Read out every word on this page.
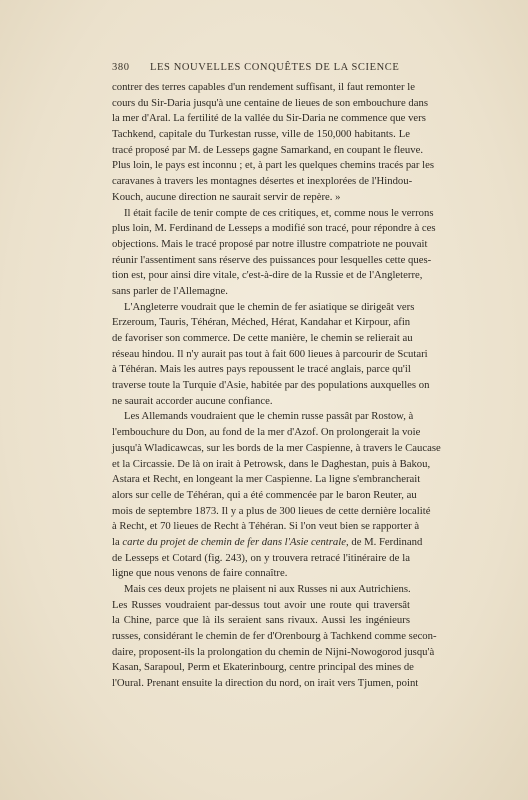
380 LES NOUVELLES CONQUÊTES DE LA SCIENCE
contrer des terres capables d'un rendement suffisant, il faut remonter le
cours du Sir-Daria jusqu'à une centaine de lieues de son embouchure dans
la mer d'Aral. La fertilité de la vallée du Sir-Daria ne commence que vers
Tachkend, capitale du Turkestan russe, ville de 150,000 habitants. Le
tracé proposé par M. de Lesseps gagne Samarkand, en coupant le fleuve.
Plus loin, le pays est inconnu ; et, à part les quelques chemins tracés par les
caravanes à travers les montagnes désertes et inexplorées de l'Hindou-
Kouch, aucune direction ne saurait servir de repère. »
Il était facile de tenir compte de ces critiques, et, comme nous le verrons
plus loin, M. Ferdinand de Lesseps a modifié son tracé, pour répondre à ces
objections. Mais le tracé proposé par notre illustre compatriote ne pouvait
réunir l'assentiment sans réserve des puissances pour lesquelles cette ques-
tion est, pour ainsi dire vitale, c'est-à-dire de la Russie et de l'Angleterre,
sans parler de l'Allemagne.
L'Angleterre voudrait que le chemin de fer asiatique se dirigeât vers
Erzeroum, Tauris, Téhéran, Méched, Hérat, Kandahar et Kirpour, afin
de favoriser son commerce. De cette manière, le chemin se relierait au
réseau hindou. Il n'y aurait pas tout à fait 600 lieues à parcourir de Scutari
à Téhéran. Mais les autres pays repoussent le tracé anglais, parce qu'il
traverse toute la Turquie d'Asie, habitée par des populations auxquelles on
ne saurait accorder aucune confiance.
Les Allemands voudraient que le chemin russe passât par Rostow, à
l'embouchure du Don, au fond de la mer d'Azof. On prolongerait la voie
jusqu'à Wladicawcas, sur les bords de la mer Caspienne, à travers le Caucase
et la Circassie. De là on irait à Petrowsk, dans le Daghestan, puis à Bakou,
Astara et Recht, en longeant la mer Caspienne. La ligne s'embrancherait
alors sur celle de Téhéran, qui a été commencée par le baron Reuter, au
mois de septembre 1873. Il y a plus de 300 lieues de cette dernière localité
à Recht, et 70 lieues de Recht à Téhéran. Si l'on veut bien se rapporter à
la carte du projet de chemin de fer dans l'Asie centrale, de M. Ferdinand
de Lesseps et Cotard (fig. 243), on y trouvera retracé l'itinéraire de la
ligne que nous venons de faire connaître.
Mais ces deux projets ne plaisent ni aux Russes ni aux Autrichiens.
Les Russes voudraient par-dessus tout avoir une route qui traversât
la Chine, parce que là ils seraient sans rivaux. Aussi les ingénieurs
russes, considérant le chemin de fer d'Orenbourg à Tachkend comme secon-
daire, proposent-ils la prolongation du chemin de Nijni-Nowogorod jusqu'à
Kasan, Sarapoul, Perm et Ekaterinbourg, centre principal des mines de
l'Oural. Prenant ensuite la direction du nord, on irait vers Tjumen, point
